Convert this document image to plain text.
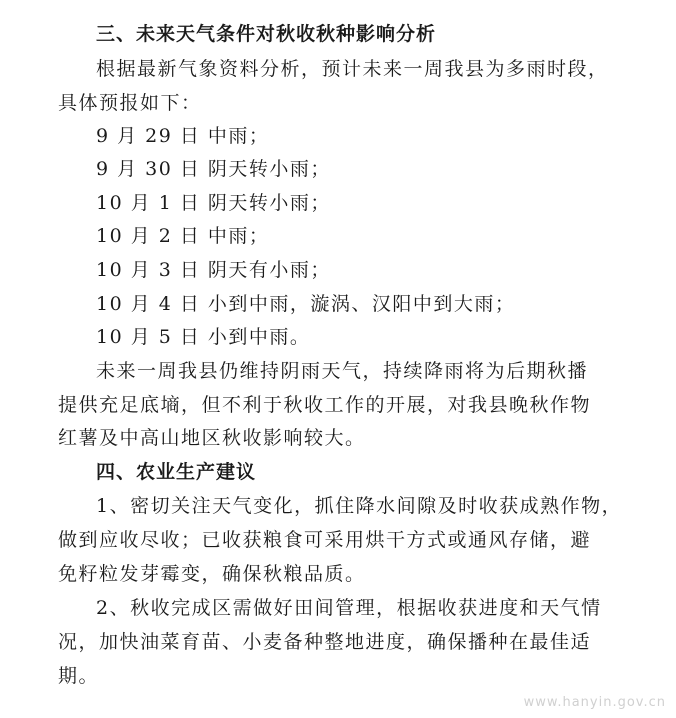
三、未来天气条件对秋收秋种影响分析
根据最新气象资料分析，预计未来一周我县为多雨时段，
具体预报如下：
9 月 29 日 中雨；
9 月 30 日 阴天转小雨；
10 月 1 日 阴天转小雨；
10 月 2 日 中雨；
10 月 3 日 阴天有小雨；
10 月 4 日 小到中雨，漩涡、汉阳中到大雨；
10 月 5 日 小到中雨。
未来一周我县仍维持阴雨天气，持续降雨将为后期秋播
提供充足底墒，但不利于秋收工作的开展，对我县晚秋作物
红薯及中高山地区秋收影响较大。
四、农业生产建议
1、密切关注天气变化，抓住降水间隙及时收获成熟作物，
做到应收尽收；已收获粮食可采用烘干方式或通风存储，避
免籽粒发芽霉变，确保秋粮品质。
2、秋收完成区需做好田间管理，根据收获进度和天气情
况，加快油菜育苗、小麦备种整地进度，确保播种在最佳适
期。
www.hanyin.gov.cn
